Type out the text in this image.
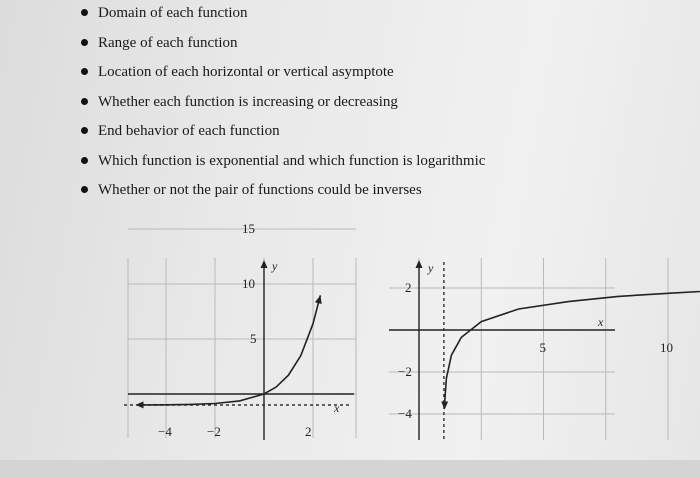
Domain of each function
Range of each function
Location of each horizontal or vertical asymptote
Whether each function is increasing or decreasing
End behavior of each function
Which function is exponential and which function is logarithmic
Whether or not the pair of functions could be inverses
−4	−2	2
5
10
15
y
x
5	10
2
−2
−4
y
x
